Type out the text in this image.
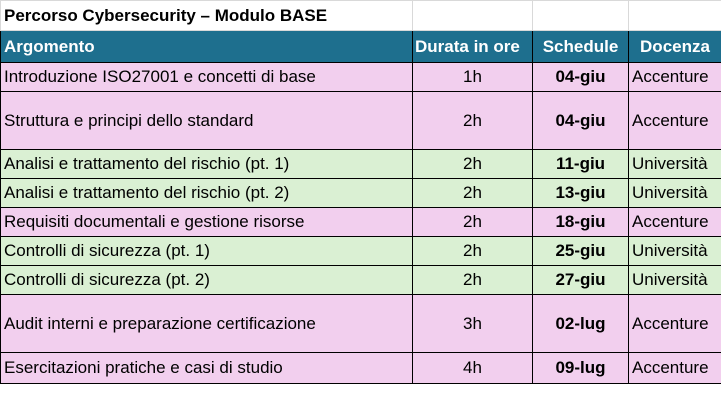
Percorso Cybersecurity – Modulo BASE			
Argomento	Durata in ore	Schedule	Docenza
Introduzione ISO27001 e concetti di base	1h	04-giu	Accenture
Struttura e principi dello standard	2h	04-giu	Accenture
Analisi e trattamento del rischio (pt. 1)	2h	11-giu	Università
Analisi e trattamento del rischio (pt. 2)	2h	13-giu	Università
Requisiti documentali e gestione risorse	2h	18-giu	Accenture
Controlli di sicurezza (pt. 1)	2h	25-giu	Università
Controlli di sicurezza (pt. 2)	2h	27-giu	Università
Audit interni e preparazione certificazione	3h	02-lug	Accenture
Esercitazioni pratiche e casi di studio	4h	09-lug	Accenture
